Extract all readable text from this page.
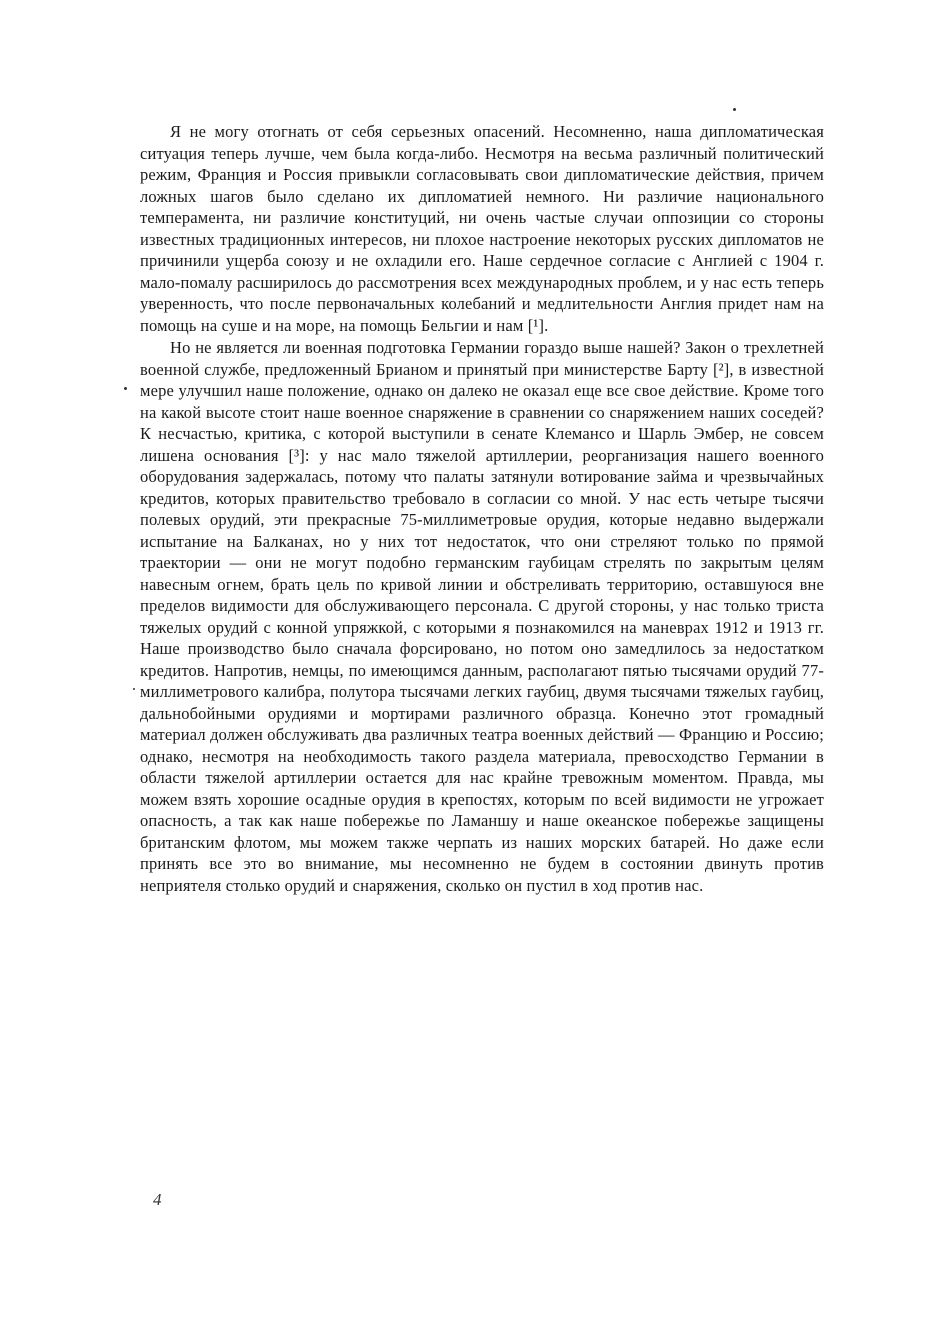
Я не могу отогнать от себя серьезных опасений. Несомненно, наша дипломатическая ситуация теперь лучше, чем была когда-либо. Несмотря на весьма различный политический режим, Франция и Россия привыкли согласовывать свои дипломатические действия, причем ложных шагов было сделано их дипломатией немного. Ни различие национального темперамента, ни различие конституций, ни очень частые случаи оппозиции со стороны известных традиционных интересов, ни плохое настроение некоторых русских дипломатов не причинили ущерба союзу и не охладили его. Наше сердечное согласие с Англией с 1904 г. мало-помалу расширилось до рассмотрения всех международных проблем, и у нас есть теперь уверенность, что после первоначальных колебаний и медлительности Англия придет нам на помощь на суше и на море, на помощь Бельгии и нам [¹].

Но не является ли военная подготовка Германии гораздо выше нашей? Закон о трехлетней военной службе, предложенный Брианом и принятый при министерстве Барту [²], в известной мере улучшил наше положение, однако он далеко не оказал еще все свое действие. Кроме того на какой высоте стоит наше военное снаряжение в сравнении со снаряжением наших соседей? К несчастью, критика, с которой выступили в сенате Клемансо и Шарль Эмбер, не совсем лишена основания [³]: у нас мало тяжелой артиллерии, реорганизация нашего военного оборудования задержалась, потому что палаты затянули вотирование займа и чрезвычайных кредитов, которых правительство требовало в согласии со мной. У нас есть четыре тысячи полевых орудий, эти прекрасные 75-миллиметровые орудия, которые недавно выдержали испытание на Балканах, но у них тот недостаток, что они стреляют только по прямой траектории — они не могут подобно германским гаубицам стрелять по закрытым целям навесным огнем, брать цель по кривой линии и обстреливать территорию, оставшуюся вне пределов видимости для обслуживающего персонала. С другой стороны, у нас только триста тяжелых орудий с конной упряжкой, с которыми я познакомился на маневрах 1912 и 1913 гг. Наше производство было сначала форсировано, но потом оно замедлилось за недостатком кредитов. Напротив, немцы, по имеющимся данным, располагают пятью тысячами орудий 77-миллиметрового калибра, полутора тысячами легких гаубиц, двумя тысячами тяжелых гаубиц, дальнобойными орудиями и мортирами различного образца. Конечно этот громадный материал должен обслуживать два различных театра военных действий — Францию и Россию; однако, несмотря на необходимость такого раздела материала, превосходство Германии в области тяжелой артиллерии остается для нас крайне тревожным моментом. Правда, мы можем взять хорошие осадные орудия в крепостях, которым по всей видимости не угрожает опасность, а так как наше побережье по Ламаншу и наше океанское побережье защищены британским флотом, мы можем также черпать из наших морских батарей. Но даже если принять все это во внимание, мы несомненно не будем в состоянии двинуть против неприятеля столько орудий и снаряжения, сколько он пустил в ход против нас.

4
